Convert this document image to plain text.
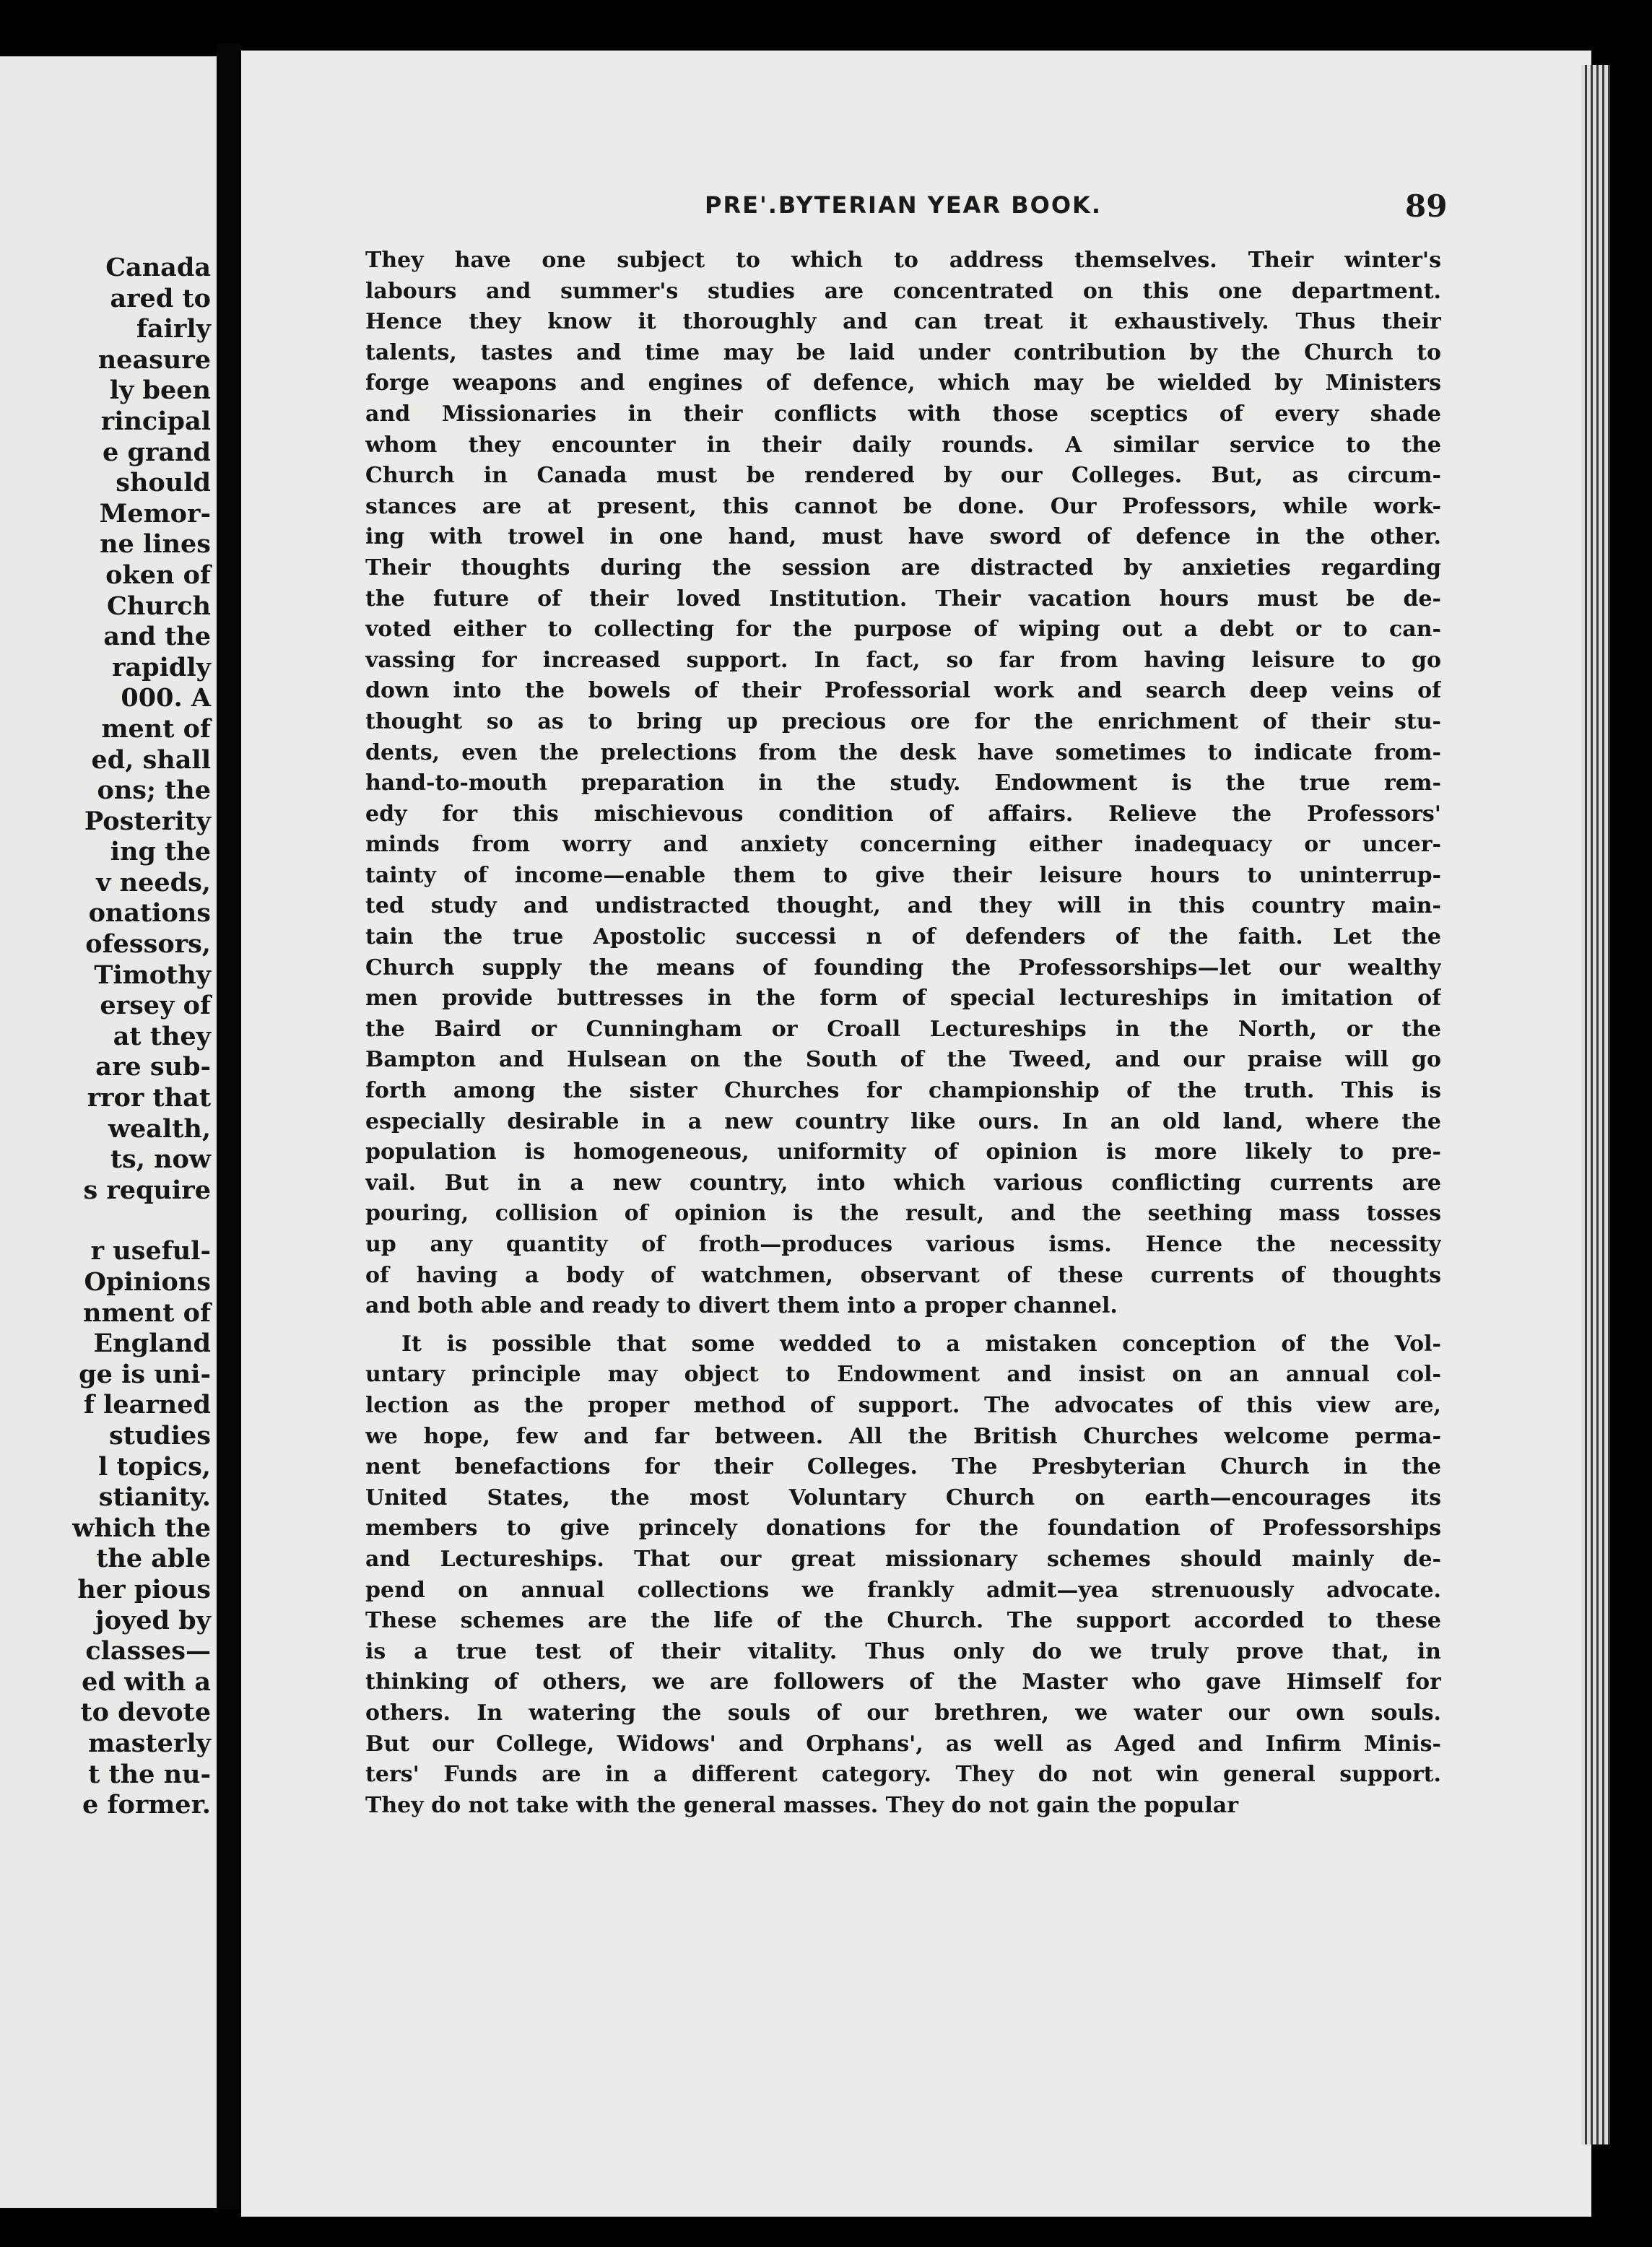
Canada
ared to
fairly
neasure
ly been
rincipal
e grand
should
Memor-
ne lines
oken of
Church
and the
rapidly
000. A
ment of
ed, shall
ons; the
Posterity
ing the
v needs,
onations
ofessors,
Timothy
ersey of
at they
are sub-
rror that
wealth,
ts, now
s require
r useful-
Opinions
nment of
England
ge is uni-
f learned
studies
l topics,
stianity.
which the
the able
her pious
joyed by
classes—
ed with a
to devote
masterly
t the nu-
e former.
PRE'.BYTERIAN YEAR BOOK.	89
They have one subject to which to address themselves. Their winter's
labours and summer's studies are concentrated on this one department.
Hence they know it thoroughly and can treat it exhaustively. Thus their
talents, tastes and time may be laid under contribution by the Church to
forge weapons and engines of defence, which may be wielded by Ministers
and Missionaries in their conflicts with those sceptics of every shade
whom they encounter in their daily rounds. A similar service to the
Church in Canada must be rendered by our Colleges. But, as circum-
stances are at present, this cannot be done. Our Professors, while work-
ing with trowel in one hand, must have sword of defence in the other.
Their thoughts during the session are distracted by anxieties regarding
the future of their loved Institution. Their vacation hours must be de-
voted either to collecting for the purpose of wiping out a debt or to can-
vassing for increased support. In fact, so far from having leisure to go
down into the bowels of their Professorial work and search deep veins of
thought so as to bring up precious ore for the enrichment of their stu-
dents, even the prelections from the desk have sometimes to indicate from-
hand-to-mouth preparation in the study. Endowment is the true rem-
edy for this mischievous condition of affairs. Relieve the Professors'
minds from worry and anxiety concerning either inadequacy or uncer-
tainty of income—enable them to give their leisure hours to uninterrup-
ted study and undistracted thought, and they will in this country main-
tain the true Apostolic successi n of defenders of the faith. Let the
Church supply the means of founding the Professorships—let our wealthy
men provide buttresses in the form of special lectureships in imitation of
the Baird or Cunningham or Croall Lectureships in the North, or the
Bampton and Hulsean on the South of the Tweed, and our praise will go
forth among the sister Churches for championship of the truth. This is
especially desirable in a new country like ours. In an old land, where the
population is homogeneous, uniformity of opinion is more likely to pre-
vail. But in a new country, into which various conflicting currents are
pouring, collision of opinion is the result, and the seething mass tosses
up any quantity of froth—produces various isms. Hence the necessity
of having a body of watchmen, observant of these currents of thoughts
and both able and ready to divert them into a proper channel.
It is possible that some wedded to a mistaken conception of the Vol-
untary principle may object to Endowment and insist on an annual col-
lection as the proper method of support. The advocates of this view are,
we hope, few and far between. All the British Churches welcome perma-
nent benefactions for their Colleges. The Presbyterian Church in the
United States, the most Voluntary Church on earth—encourages its
members to give princely donations for the foundation of Professorships
and Lectureships. That our great missionary schemes should mainly de-
pend on annual collections we frankly admit—yea strenuously advocate.
These schemes are the life of the Church. The support accorded to these
is a true test of their vitality. Thus only do we truly prove that, in
thinking of others, we are followers of the Master who gave Himself for
others. In watering the souls of our brethren, we water our own souls.
But our College, Widows' and Orphans', as well as Aged and Infirm Minis-
ters' Funds are in a different category. They do not win general support.
They do not take with the general masses. They do not gain the popular
